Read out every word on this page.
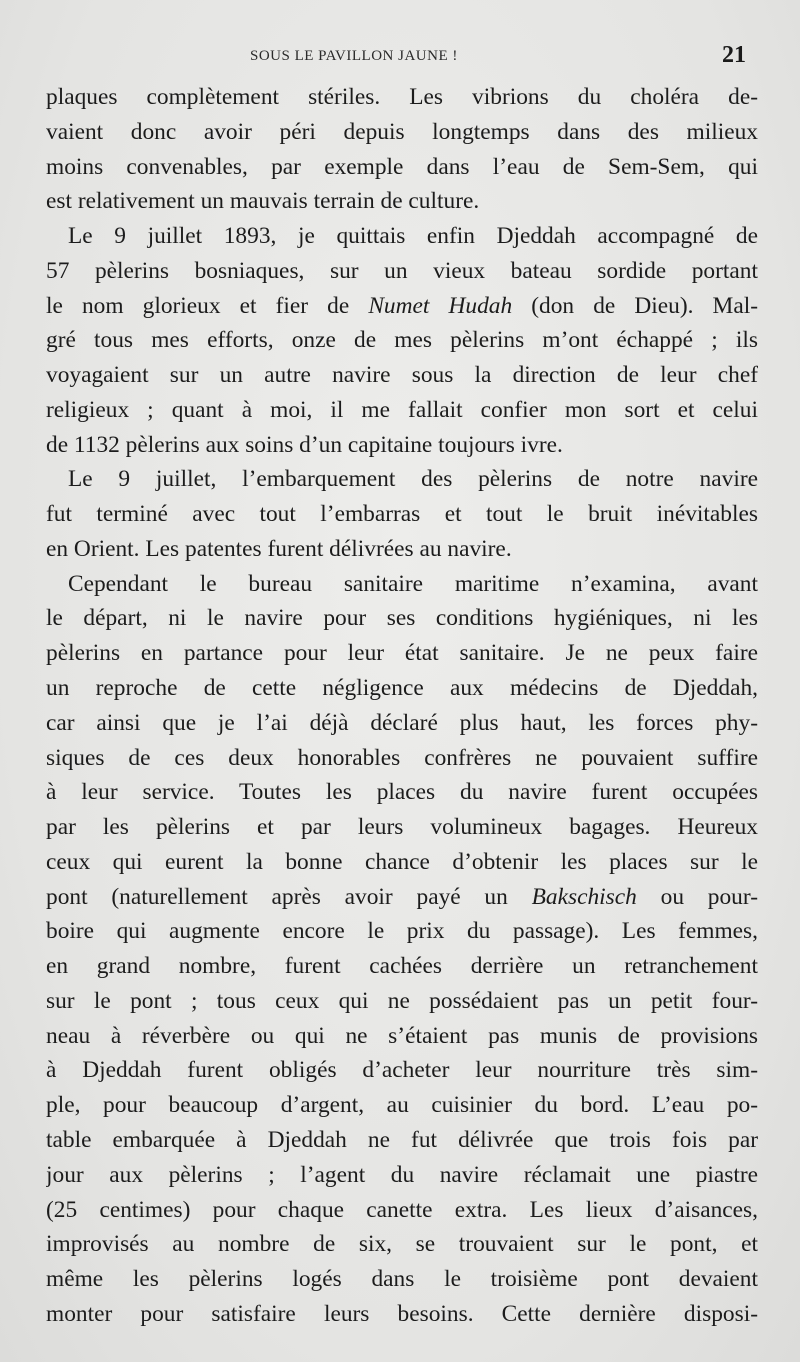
SOUS LE PAVILLON JAUNE !	21
plaques complètement stériles. Les vibrions du choléra de-
vaient donc avoir péri depuis longtemps dans des milieux
moins convenables, par exemple dans l’eau de Sem-Sem, qui
est relativement un mauvais terrain de culture.
Le 9 juillet 1893, je quittais enfin Djeddah accompagné de
57 pèlerins bosniaques, sur un vieux bateau sordide portant
le nom glorieux et fier de Numet Hudah (don de Dieu). Mal-
gré tous mes efforts, onze de mes pèlerins m’ont échappé ; ils
voyagaient sur un autre navire sous la direction de leur chef
religieux ; quant à moi, il me fallait confier mon sort et celui
de 1132 pèlerins aux soins d’un capitaine toujours ivre.
Le 9 juillet, l’embarquement des pèlerins de notre navire
fut terminé avec tout l’embarras et tout le bruit inévitables
en Orient. Les patentes furent délivrées au navire.
Cependant le bureau sanitaire maritime n’examina, avant
le départ, ni le navire pour ses conditions hygiéniques, ni les
pèlerins en partance pour leur état sanitaire. Je ne peux faire
un reproche de cette négligence aux médecins de Djeddah,
car ainsi que je l’ai déjà déclaré plus haut, les forces phy-
siques de ces deux honorables confrères ne pouvaient suffire
à leur service. Toutes les places du navire furent occupées
par les pèlerins et par leurs volumineux bagages. Heureux
ceux qui eurent la bonne chance d’obtenir les places sur le
pont (naturellement après avoir payé un Bakschisch ou pour-
boire qui augmente encore le prix du passage). Les femmes,
en grand nombre, furent cachées derrière un retranchement
sur le pont ; tous ceux qui ne possédaient pas un petit four-
neau à réverbère ou qui ne s’étaient pas munis de provisions
à Djeddah furent obligés d’acheter leur nourriture très sim-
ple, pour beaucoup d’argent, au cuisinier du bord. L’eau po-
table embarquée à Djeddah ne fut délivrée que trois fois par
jour aux pèlerins ; l’agent du navire réclamait une piastre
(25 centimes) pour chaque canette extra. Les lieux d’aisances,
improvisés au nombre de six, se trouvaient sur le pont, et
même les pèlerins logés dans le troisième pont devaient
monter pour satisfaire leurs besoins. Cette dernière disposi-
